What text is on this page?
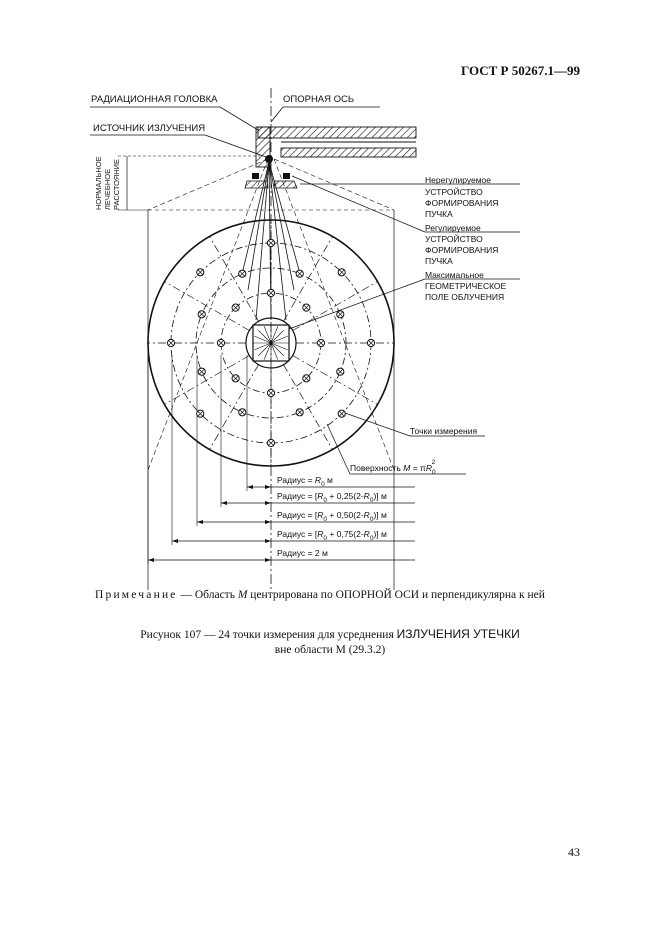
ГОСТ Р 50267.1—99
РАДИАЦИОННАЯ ГОЛОВКА	ОПОРНАЯ ОСЬ
ИСТОЧНИК ИЗЛУЧЕНИЯ
НОРМАЛЬНОЕ ЛЕЧЕБНОЕ РАССТОЯНИЕ	Нерегулируемое
УСТРОЙСТВО
ФОРМИРОВАНИЯ
ПУЧКА
Регулируемое
УСТРОЙСТВО
ФОРМИРОВАНИЯ
ПУЧКА
Максимальное
ГЕОМЕТРИЧЕСКОЕ
ПОЛЕ ОБЛУЧЕНИЯ
Точки измерения
Поверхность $M = \pi R_02$
Радиус = $R_0$ м
Радиус = $[R_0 + 0,25(2-R_0)]$ м
Радиус = $[R_0 + 0,50(2-R_0)]$ м
Радиус = $[R_0 + 0,75(2-R_0)]$ м
Радиус = 2 м
Примечание — Область M центрирована по ОПОРНОЙ ОСИ и перпендикулярна к ней
Рисунок 107 — 24 точки измерения для усреднения ИЗЛУЧЕНИЯ УТЕЧКИ
вне области М (29.3.2)
43
